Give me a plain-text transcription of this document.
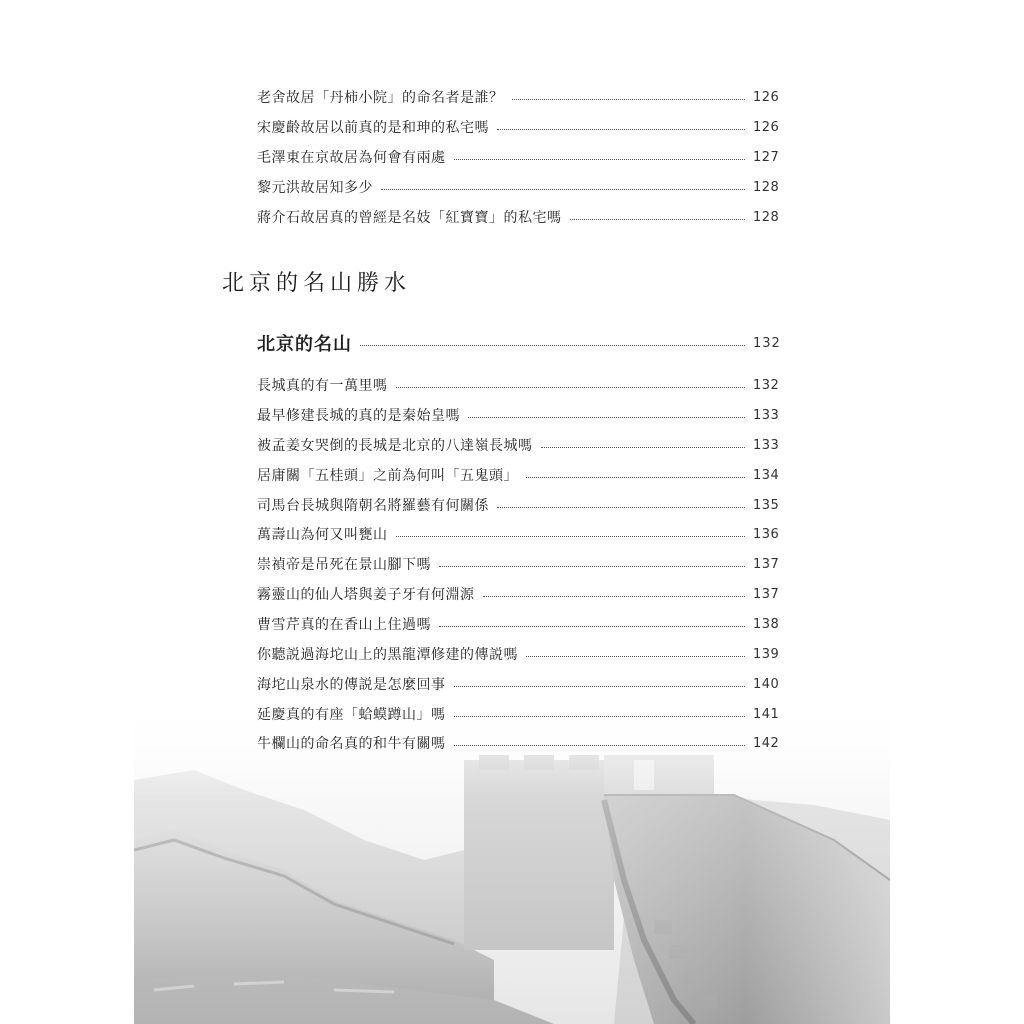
老舍故居「丹柿小院」的命名者是誰？	126
宋慶齡故居以前真的是和珅的私宅嗎	126
毛澤東在京故居為何會有兩處	127
黎元洪故居知多少	128
蔣介石故居真的曾經是名妓「紅寶寶」的私宅嗎	128
北京的名山勝水
北京的名山	132
長城真的有一萬里嗎	132
最早修建長城的真的是秦始皇嗎	133
被孟姜女哭倒的長城是北京的八達嶺長城嗎	133
居庸關「五桂頭」之前為何叫「五鬼頭」	134
司馬台長城與隋朝名將羅藝有何關係	135
萬壽山為何又叫甕山	136
崇禎帝是吊死在景山腳下嗎	137
霧靈山的仙人塔與姜子牙有何淵源	137
曹雪芹真的在香山上住過嗎	138
你聽説過海坨山上的黑龍潭修建的傳説嗎	139
海坨山泉水的傳説是怎麼回事	140
延慶真的有座「蛤蟆蹲山」嗎	141
牛欄山的命名真的和牛有關嗎	142
